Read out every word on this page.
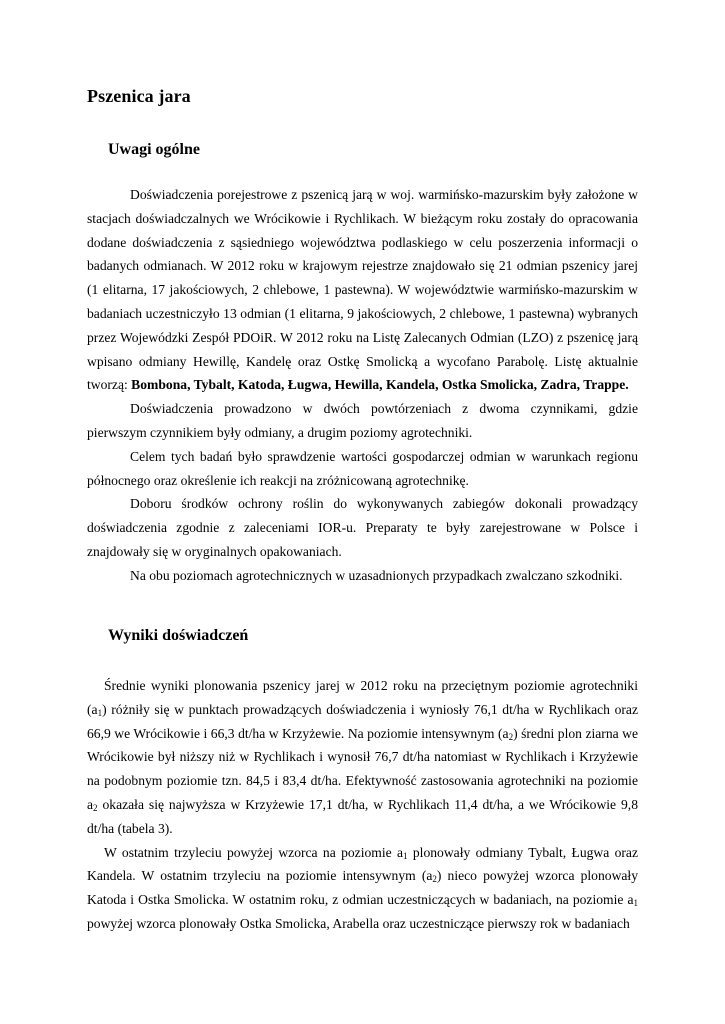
Pszenica jara
Uwagi ogólne

Doświadczenia porejestrowe z pszenicą jarą w woj. warmińsko-mazurskim były założone w stacjach doświadczalnych we Wrócikowie i Rychlikach. W bieżącym roku zostały do opracowania dodane doświadczenia z sąsiedniego województwa podlaskiego w celu poszerzenia informacji o badanych odmianach. W 2012 roku w krajowym rejestrze znajdowało się 21 odmian pszenicy jarej (1 elitarna, 17 jakościowych, 2 chlebowe, 1 pastewna). W województwie warmińsko-mazurskim w badaniach uczestniczyło 13 odmian (1 elitarna, 9 jakościowych, 2 chlebowe, 1 pastewna) wybranych przez Wojewódzki Zespół PDOiR. W 2012 roku na Listę Zalecanych Odmian (LZO) z pszenicę jarą wpisano odmiany Hewillę, Kandelę oraz Ostkę Smolicką a wycofano Parabolę. Listę aktualnie tworzą: Bombona, Tybalt, Katoda, Ługwa, Hewilla, Kandela, Ostka Smolicka, Zadra, Trappe.

Doświadczenia prowadzono w dwóch powtórzeniach z dwoma czynnikami, gdzie pierwszym czynnikiem były odmiany, a drugim poziomy agrotechniki.

Celem tych badań było sprawdzenie wartości gospodarczej odmian w warunkach regionu północnego oraz określenie ich reakcji na zróżnicowaną agrotechnikę.

Doboru środków ochrony roślin do wykonywanych zabiegów dokonali prowadzący doświadczenia zgodnie z zaleceniami IOR-u. Preparaty te były zarejestrowane w Polsce i znajdowały się w oryginalnych opakowaniach.

Na obu poziomach agrotechnicznych w uzasadnionych przypadkach zwalczano szkodniki.

Wyniki doświadczeń

Średnie wyniki plonowania pszenicy jarej w 2012 roku na przeciętnym poziomie agrotechniki $(a_1)$ różniły się w punktach prowadzących doświadczenia i wyniosły 76,1 dt/ha w Rychlikach oraz 66,9 we Wrócikowie i 66,3 dt/ha w Krzyżewie. Na poziomie intensywnym $(a_2)$ średni plon ziarna we Wrócikowie był niższy niż w Rychlikach i wynosił 76,7 dt/ha natomiast w Rychlikach i Krzyżewie na podobnym poziomie tzn. 84,5 i 83,4 dt/ha. Efektywność zastosowania agrotechniki na poziomie $a_2$ okazała się najwyższa w Krzyżewie 17,1 dt/ha, w Rychlikach 11,4 dt/ha, a we Wrócikowie 9,8 dt/ha (tabela 3).

W ostatnim trzyleciu powyżej wzorca na poziomie $a_1$ plonowały odmiany Tybalt, Ługwa oraz Kandela. W ostatnim trzyleciu na poziomie intensywnym $(a_2)$ nieco powyżej wzorca plonowały Katoda i Ostka Smolicka. W ostatnim roku, z odmian uczestniczących w badaniach, na poziomie $a_1$ powyżej wzorca plonowały Ostka Smolicka, Arabella oraz uczestniczące pierwszy rok w badaniach
